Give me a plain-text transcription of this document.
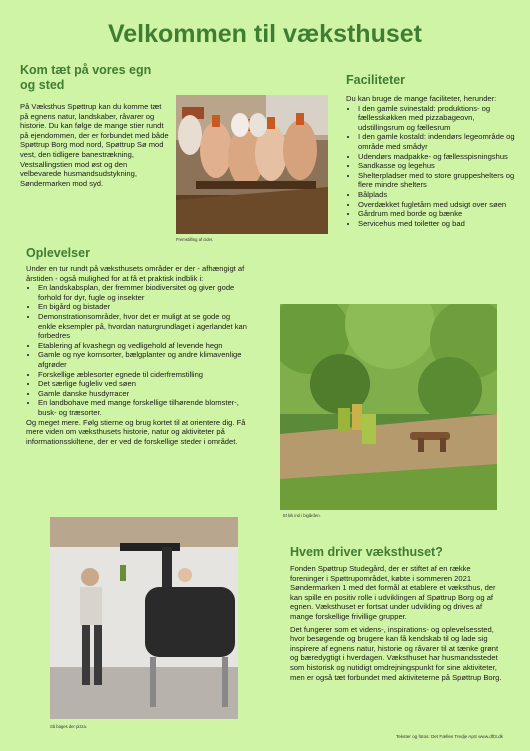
Velkommen til væksthuset
Kom tæt på vores egn og sted

På Væksthus Spøttrup kan du komme tæt på egnens natur, landskaber, råvarer og historie. Du kan følge de mange stier rundt på ejendommen, der er forbundet med både Spøttrup Borg mod nord, Spøttrup Sø mod vest, den tidligere banestrækning, Vestsallingstien mod øst og den velbevarede husmandsudstykning, Søndermarken mod syd.

Fremstilling af cider.
Faciliteter

Du kan bruge de mange faciliteter, herunder:

• I den gamle svinestald: produktions- og fællesskøkken med pizzabageovn, udstillingsrum og fællesrum
• I den gamle kostald: indendørs legeområde og område med smådyr
• Udendørs madpakke- og fællesspisningshus
• Sandkasse og legehus
• Shelterpladser med to store gruppeshelters og flere mindre shelters
• Bålplads
• Overdækket fugletårn med udsigt over søen
• Gårdrum med borde og bænke
• Servicehus med toiletter og bad
Oplevelser

Under en tur rundt på væksthusets områder er der - afhængigt af årstiden - også mulighed for at få et praktisk indblik i:

• En landskabsplan, der fremmer biodiversitet og giver gode forhold for dyr, fugle og insekter
• En bigård og bistader
• Demonstrationsområder, hvor det er muligt at se gode og enkle eksempler på, hvordan naturgrundlaget i agerlandet kan forbedres
• Etablering af kvashegn og vedligehold af levende hegn
• Gamle og nye kornsorter, bælgplanter og andre klimavenlige afgrøder
• Forskellige æblesorter egnede til ciderfremstilling
• Det særlige fugleliv ved søen
• Gamle danske husdyrracer
• En landbohave med mange forskellige tilhørende blomster-, busk- og træsorter.

Og meget mere. Følg stierne og brug kortet til at orientere dig. Få mere viden om væksthusets historie, natur og aktiviteter på informationsskiltene, der er ved de forskellige steder i området.

Et kik ind i bigården.
Så bages der pizza.
Hvem driver væksthuset?

Fonden Spøttrup Studegård, der er stiftet af en række foreninger i Spøttrupområdet, købte i sommeren 2021 Søndermarken 1 med det formål at etablere et væksthus, der kan spille en positiv rolle i udviklingen af Spøttrup Borg og af egnen. Væksthuset er fortsat under udvikling og drives af mange forskellige frivillige grupper.

Det fungerer som et videns-, inspirations- og oplevelsessted, hvor besøgende og brugere kan få kendskab til og lade sig inspirere af egnens natur, historie og råvarer til at tænke grønt og bæredygtigt i hverdagen. Væksthuset har husmandsstedet som historisk og nutidigt omdrejningspunkt for sine aktiviteter, men er også tæt forbundet med aktiviteterne på Spøttrup Borg.

Tekster og fotos: Det Fælles Tredje ApS www.dft3.dk
